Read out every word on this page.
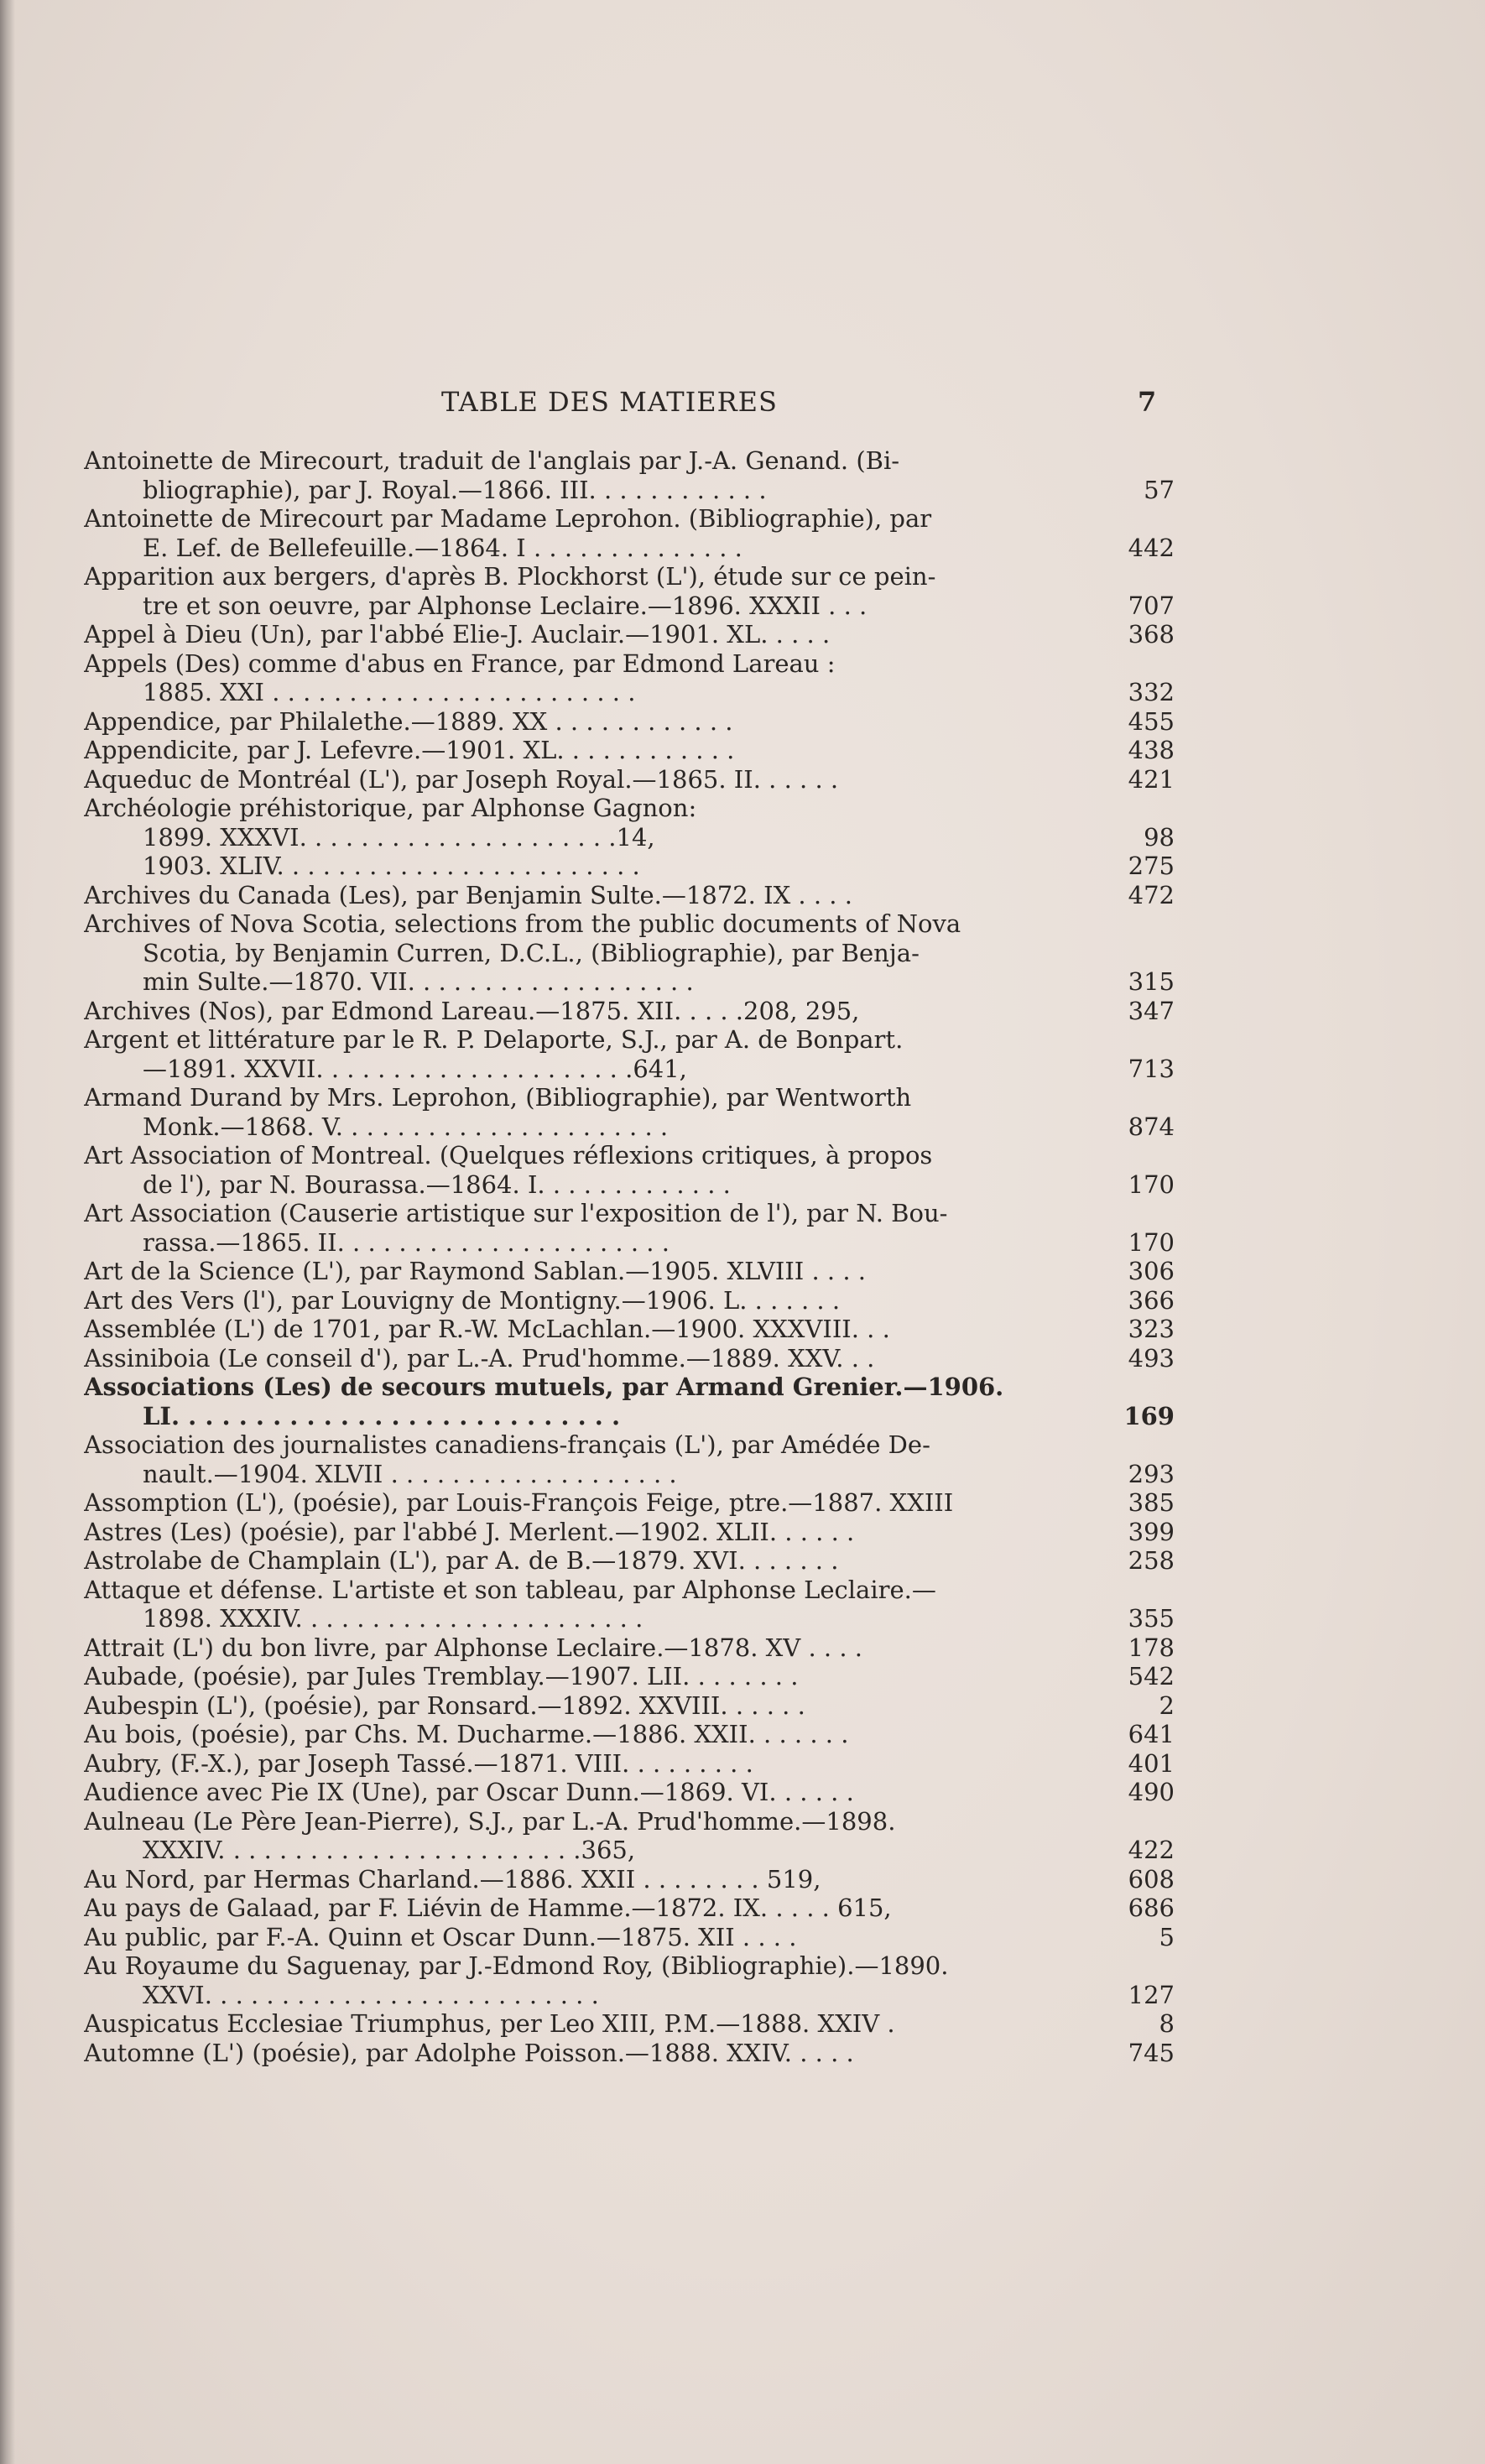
TABLE DES MATIERES	7
Antoinette de Mirecourt, traduit de l'anglais par J.-A. Genand. (Bi-
bliographie), par J. Royal.—1866. III. . . . . . . . . . . .	57
Antoinette de Mirecourt par Madame Leprohon. (Bibliographie), par
E. Lef. de Bellefeuille.—1864. I . . . . . . . . . . . . . .	442
Apparition aux bergers, d'après B. Plockhorst (L'), étude sur ce pein-
tre et son oeuvre, par Alphonse Leclaire.—1896. XXXII . . .	707
Appel à Dieu (Un), par l'abbé Elie-J. Auclair.—1901. XL. . . . .	368
Appels (Des) comme d'abus en France, par Edmond Lareau :
1885. XXI . . . . . . . . . . . . . . . . . . . . . . . .	332
Appendice, par Philalethe.—1889. XX . . . . . . . . . . . .	455
Appendicite, par J. Lefevre.—1901. XL. . . . . . . . . . . .	438
Aqueduc de Montréal (L'), par Joseph Royal.—1865. II. . . . . .	421
Archéologie préhistorique, par Alphonse Gagnon:
1899. XXXVI. . . . . . . . . . . . . . . . . . . . .14,	98
1903. XLIV. . . . . . . . . . . . . . . . . . . . . . . .	275
Archives du Canada (Les), par Benjamin Sulte.—1872. IX . . . .	472
Archives of Nova Scotia, selections from the public documents of Nova
Scotia, by Benjamin Curren, D.C.L., (Bibliographie), par Benja-
min Sulte.—1870. VII. . . . . . . . . . . . . . . . . . .	315
Archives (Nos), par Edmond Lareau.—1875. XII. . . . .208, 295,	347
Argent et littérature par le R. P. Delaporte, S.J., par A. de Bonpart.
—1891. XXVII. . . . . . . . . . . . . . . . . . . . .641,	713
Armand Durand by Mrs. Leprohon, (Bibliographie), par Wentworth
Monk.—1868. V. . . . . . . . . . . . . . . . . . . . . .	874
Art Association of Montreal. (Quelques réflexions critiques, à propos
de l'), par N. Bourassa.—1864. I. . . . . . . . . . . . .	170
Art Association (Causerie artistique sur l'exposition de l'), par N. Bou-
rassa.—1865. II. . . . . . . . . . . . . . . . . . . . . .	170
Art de la Science (L'), par Raymond Sablan.—1905. XLVIII . . . .	306
Art des Vers (l'), par Louvigny de Montigny.—1906. L. . . . . . .	366
Assemblée (L') de 1701, par R.-W. McLachlan.—1900. XXXVIII. . .	323
Assiniboia (Le conseil d'), par L.-A. Prud'homme.—1889. XXV. . .	493
Associations (Les) de secours mutuels, par Armand Grenier.—1906.
LI. . . . . . . . . . . . . . . . . . . . . . . . . . .	169
Association des journalistes canadiens-français (L'), par Amédée De-
nault.—1904. XLVII . . . . . . . . . . . . . . . . . . .	293
Assomption (L'), (poésie), par Louis-François Feige, ptre.—1887. XXIII	385
Astres (Les) (poésie), par l'abbé J. Merlent.—1902. XLII. . . . . .	399
Astrolabe de Champlain (L'), par A. de B.—1879. XVI. . . . . . .	258
Attaque et défense. L'artiste et son tableau, par Alphonse Leclaire.—
1898. XXXIV. . . . . . . . . . . . . . . . . . . . . . .	355
Attrait (L') du bon livre, par Alphonse Leclaire.—1878. XV . . . .	178
Aubade, (poésie), par Jules Tremblay.—1907. LII. . . . . . . .	542
Aubespin (L'), (poésie), par Ronsard.—1892. XXVIII. . . . . .	2
Au bois, (poésie), par Chs. M. Ducharme.—1886. XXII. . . . . . .	641
Aubry, (F.-X.), par Joseph Tassé.—1871. VIII. . . . . . . . .	401
Audience avec Pie IX (Une), par Oscar Dunn.—1869. VI. . . . . .	490
Aulneau (Le Père Jean-Pierre), S.J., par L.-A. Prud'homme.—1898.
XXXIV. . . . . . . . . . . . . . . . . . . . . . . .365,	422
Au Nord, par Hermas Charland.—1886. XXII . . . . . . . . 519,	608
Au pays de Galaad, par F. Liévin de Hamme.—1872. IX. . . . . 615,	686
Au public, par F.-A. Quinn et Oscar Dunn.—1875. XII . . . .	5
Au Royaume du Saguenay, par J.-Edmond Roy, (Bibliographie).—1890.
XXVI. . . . . . . . . . . . . . . . . . . . . . . . . .	127
Auspicatus Ecclesiae Triumphus, per Leo XIII, P.M.—1888. XXIV .	8
Automne (L') (poésie), par Adolphe Poisson.—1888. XXIV. . . . .	745
